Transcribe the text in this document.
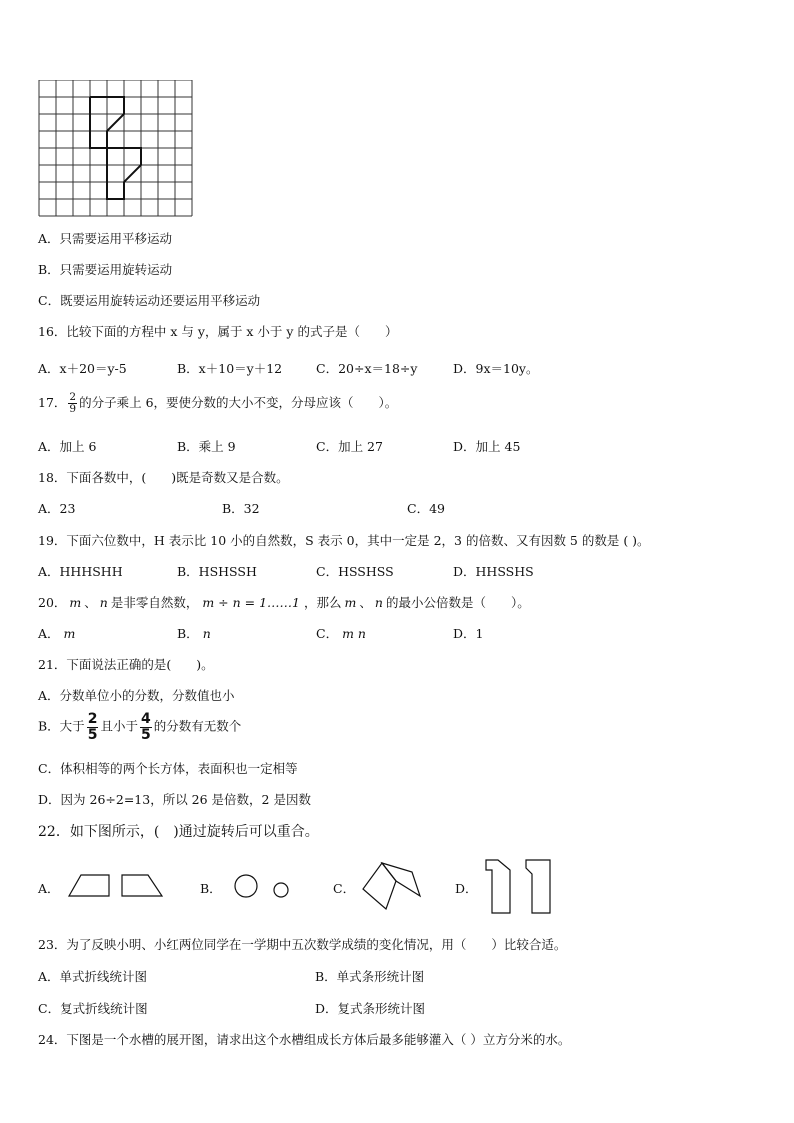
A．只需要运用平移运动
B．只需要运用旋转运动
C．既要运用旋转运动还要运用平移运动
16．比较下面的方程中 x 与 y，属于 x 小于 y 的式子是（　　）
A．x＋20＝y-5	B．x＋10＝y＋12	C．20÷x＝18÷y	D．9x＝10y。
17． $\frac{2}{9}$ 的分子乘上 6，要使分数的大小不变，分母应该（　　）。
A．加上 6	B．乘上 9	C．加上 27	D．加上 45
18．下面各数中，(　　)既是奇数又是合数。
A．23	B．32	C．49
19．下面六位数中，H 表示比 10 小的自然数，S 表示 0，其中一定是 2，3 的倍数、又有因数 5 的数是 ( )。
A．HHHSHH	B．HSHSSH	C．HSSHSS	D．HHSSHS
20． m 、 n 是非零自然数， m ÷ n = 1……1 ，那么 m 、 n 的最小公倍数是（　　）。
A． m	B． n	C． m n	D．1
21．下面说法正确的是(　　)。
A．分数单位小的分数，分数值也小
B．大于 $\frac{2}{5}$ 且小于 $\frac{4}{5}$ 的分数有无数个
C．体积相等的两个长方体，表面积也一定相等
D．因为 26÷2=13，所以 26 是倍数，2 是因数
22．如下图所示，(　)通过旋转后可以重合。
A．	B．	C．	D．
23．为了反映小明、小红两位同学在一学期中五次数学成绩的变化情况，用（　　）比较合适。
A．单式折线统计图	B．单式条形统计图
C．复式折线统计图	D．复式条形统计图
24．下图是一个水槽的展开图，请求出这个水槽组成长方体后最多能够灌入（ ）立方分米的水。
